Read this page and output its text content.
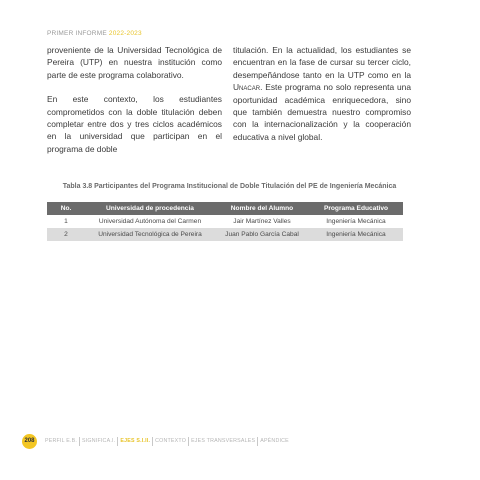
PRIMER INFORME 2022-2023

proveniente de la Universidad Tecnológica de Pereira (UTP) en nuestra institución como parte de este programa colaborativo.

En este contexto, los estudiantes comprometidos con la doble titulación deben completar entre dos y tres ciclos académicos en la universidad que participan en el programa de doble

titulación. En la actualidad, los estudiantes se encuentran en la fase de cursar su tercer ciclo, desempeñándose tanto en la UTP como en la Unacar. Este programa no solo representa una oportunidad académica enriquecedora, sino que también demuestra nuestro compromiso con la internacionalización y la cooperación educativa a nivel global.

Tabla 3.8 Participantes del Programa Institucional de Doble Titulación del PE de Ingeniería Mecánica
No.	Universidad de procedencia	Nombre del Alumno	Programa Educativo
1	Universidad Autónoma del Carmen	Jair Martínez Valles	Ingeniería Mecánica
2	Universidad Tecnológica de Pereira	Juan Pablo García Cabal	Ingeniería Mecánica
208	PERFIL E.B. SIGNIFICA.I. EJES S.I.II. CONTEXTO EJES TRANSVERSALES APÉNDICE
